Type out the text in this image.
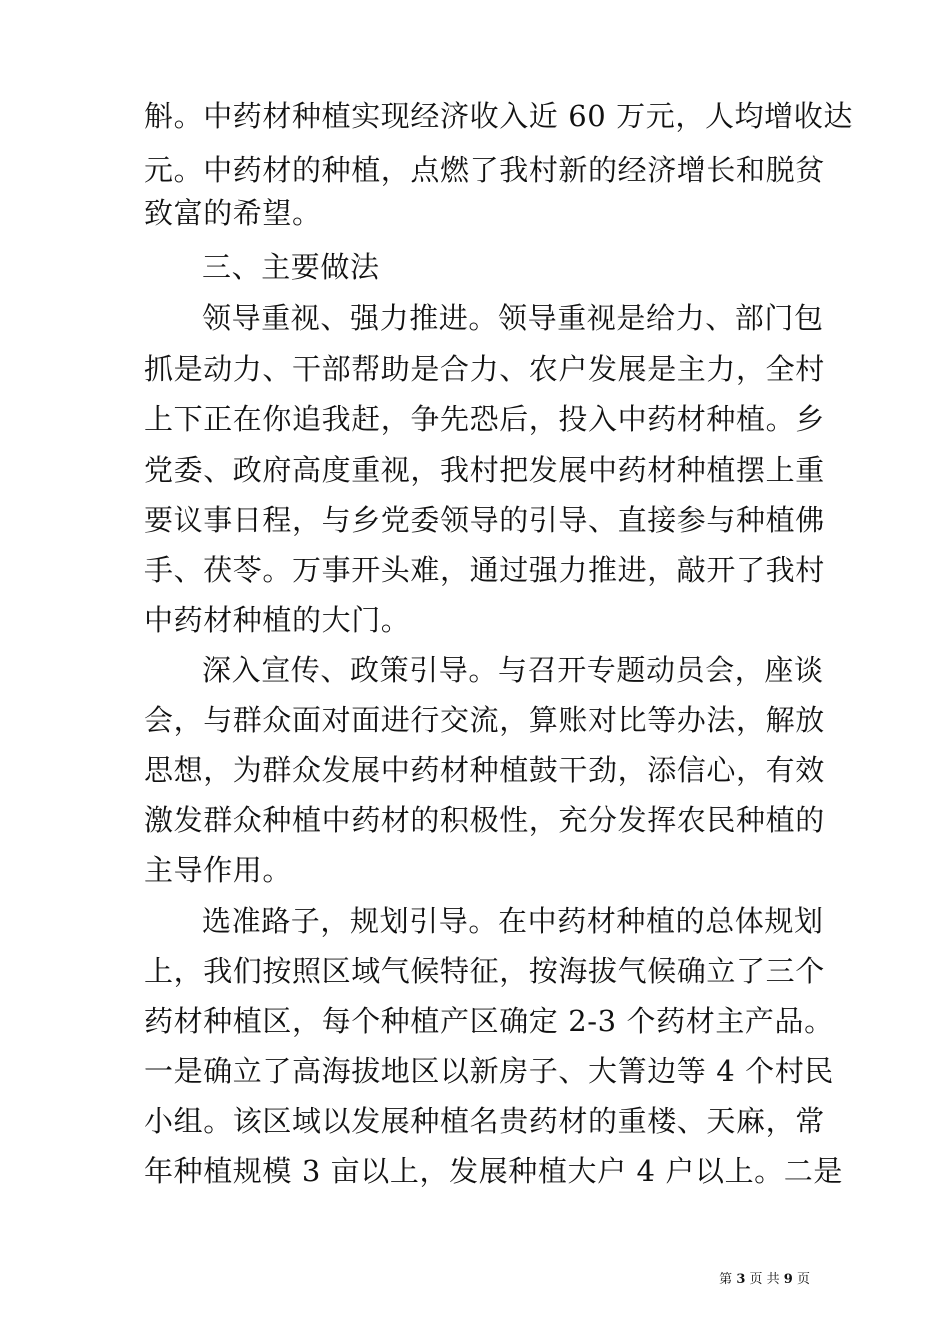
斛。中药材种植实现经济收入近 60 万元，人均增收达
元。中药材的种植，点燃了我村新的经济增长和脱贫
致富的希望。
三、主要做法
领导重视、强力推进。领导重视是给力、部门包
抓是动力、干部帮助是合力、农户发展是主力，全村
上下正在你追我赶，争先恐后，投入中药材种植。乡
党委、政府高度重视，我村把发展中药材种植摆上重
要议事日程，与乡党委领导的引导、直接参与种植佛
手、茯苓。万事开头难，通过强力推进，敲开了我村
中药材种植的大门。
深入宣传、政策引导。与召开专题动员会，座谈
会，与群众面对面进行交流，算账对比等办法，解放
思想，为群众发展中药材种植鼓干劲，添信心，有效
激发群众种植中药材的积极性，充分发挥农民种植的
主导作用。
选准路子，规划引导。在中药材种植的总体规划
上，我们按照区域气候特征，按海拔气候确立了三个
药材种植区，每个种植产区确定 2-3 个药材主产品。
一是确立了高海拔地区以新房子、大箐边等 4 个村民
小组。该区域以发展种植名贵药材的重楼、天麻，常
年种植规模 3 亩以上，发展种植大户 4 户以上。二是
第 3 页 共 9 页
